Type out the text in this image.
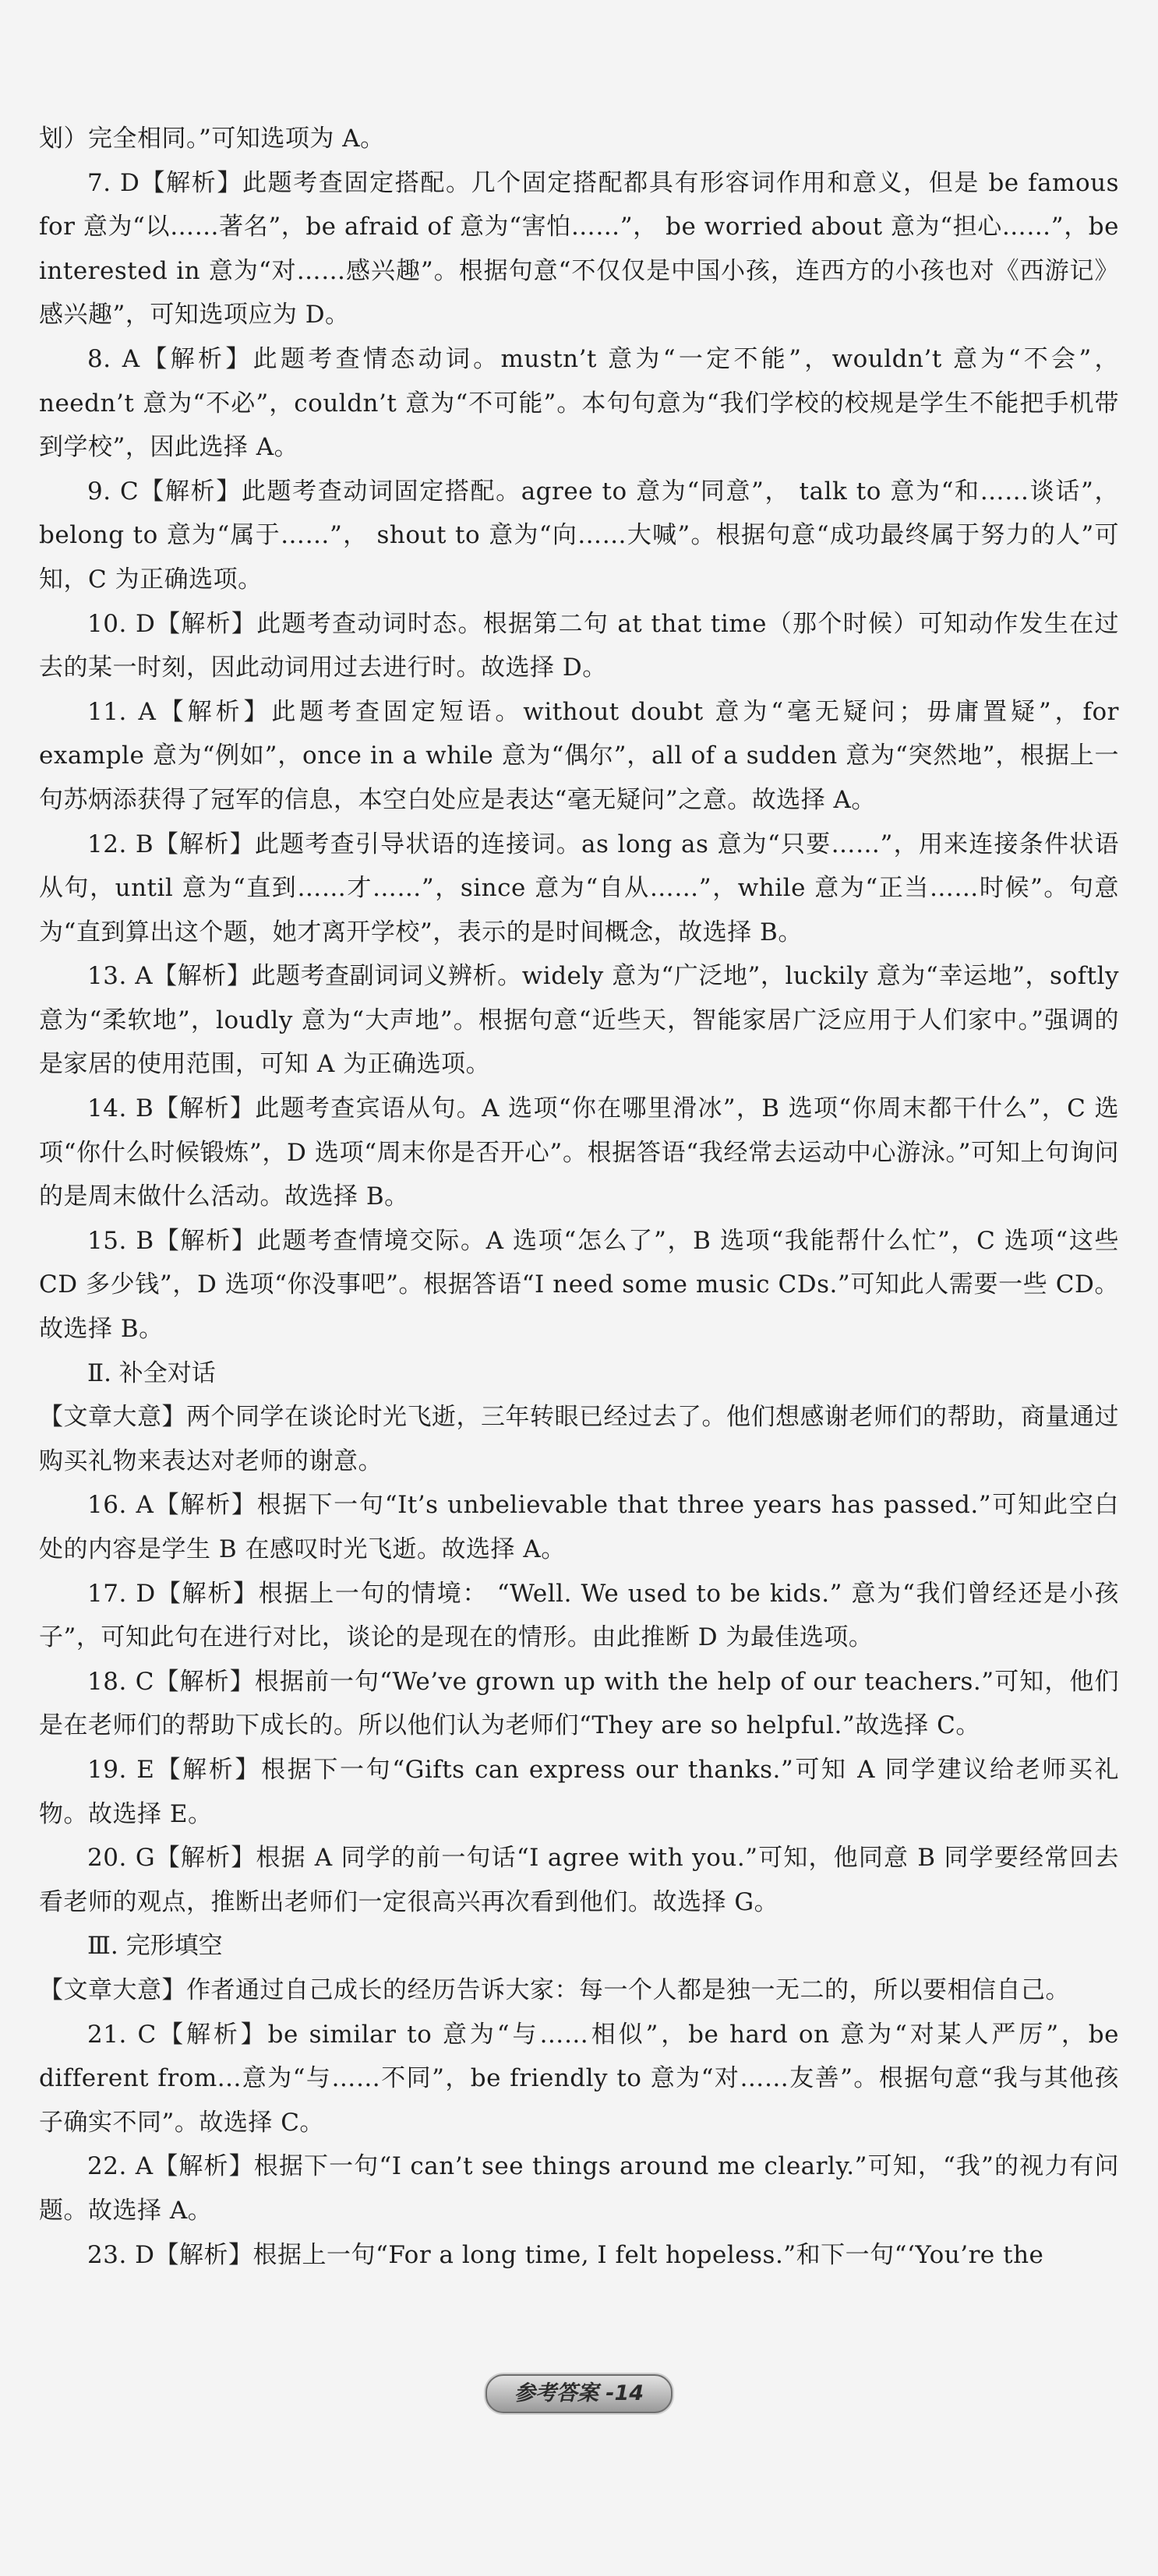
划）完全相同。”可知选项为 A。

7. D【解析】此题考查固定搭配。几个固定搭配都具有形容词作用和意义，但是 be famous for 意为“以……著名”，be afraid of 意为“害怕……”， be worried about 意为“担心……”，be interested in 意为“对……感兴趣”。根据句意“不仅仅是中国小孩，连西方的小孩也对《西游记》感兴趣”，可知选项应为 D。

8. A【解析】此题考查情态动词。mustn’t 意为“一定不能”，wouldn’t 意为“不会”，needn’t 意为“不必”，couldn’t 意为“不可能”。本句句意为“我们学校的校规是学生不能把手机带到学校”，因此选择 A。

9. C【解析】此题考查动词固定搭配。agree to 意为“同意”， talk to 意为“和……谈话”， belong to 意为“属于……”， shout to 意为“向……大喊”。根据句意“成功最终属于努力的人”可知，C 为正确选项。

10. D【解析】此题考查动词时态。根据第二句 at that time（那个时候）可知动作发生在过去的某一时刻，因此动词用过去进行时。故选择 D。

11. A【解析】此题考查固定短语。without doubt 意为“毫无疑问；毋庸置疑”，for example 意为“例如”，once in a while 意为“偶尔”，all of a sudden 意为“突然地”，根据上一句苏炳添获得了冠军的信息，本空白处应是表达“毫无疑问”之意。故选择 A。

12. B【解析】此题考查引导状语的连接词。as long as 意为“只要……”，用来连接条件状语从句，until 意为“直到……才……”，since 意为“自从……”，while 意为“正当……时候”。句意为“直到算出这个题，她才离开学校”，表示的是时间概念，故选择 B。

13. A【解析】此题考查副词词义辨析。widely 意为“广泛地”，luckily 意为“幸运地”，softly 意为“柔软地”，loudly 意为“大声地”。根据句意“近些天，智能家居广泛应用于人们家中。”强调的是家居的使用范围，可知 A 为正确选项。

14. B【解析】此题考查宾语从句。A 选项“你在哪里滑冰”，B 选项“你周末都干什么”，C 选项“你什么时候锻炼”，D 选项“周末你是否开心”。根据答语“我经常去运动中心游泳。”可知上句询问的是周末做什么活动。故选择 B。

15. B【解析】此题考查情境交际。A 选项“怎么了”，B 选项“我能帮什么忙”，C 选项“这些 CD 多少钱”，D 选项“你没事吧”。根据答语“I need some music CDs.”可知此人需要一些 CD。故选择 B。

Ⅱ. 补全对话

【文章大意】两个同学在谈论时光飞逝，三年转眼已经过去了。他们想感谢老师们的帮助，商量通过购买礼物来表达对老师的谢意。

16. A【解析】根据下一句“It’s unbelievable that three years has passed.”可知此空白处的内容是学生 B 在感叹时光飞逝。故选择 A。

17. D【解析】根据上一句的情境： “Well. We used to be kids.” 意为“我们曾经还是小孩子”，可知此句在进行对比，谈论的是现在的情形。由此推断 D 为最佳选项。

18. C【解析】根据前一句“We’ve grown up with the help of our teachers.”可知，他们是在老师们的帮助下成长的。所以他们认为老师们“They are so helpful.”故选择 C。

19. E【解析】根据下一句“Gifts can express our thanks.”可知 A 同学建议给老师买礼物。故选择 E。

20. G【解析】根据 A 同学的前一句话“I agree with you.”可知，他同意 B 同学要经常回去看老师的观点，推断出老师们一定很高兴再次看到他们。故选择 G。

Ⅲ. 完形填空

【文章大意】作者通过自己成长的经历告诉大家：每一个人都是独一无二的，所以要相信自己。

21. C【解析】be similar to 意为“与……相似”，be hard on 意为“对某人严厉”，be different from...意为“与……不同”，be friendly to 意为“对……友善”。根据句意“我与其他孩子确实不同”。故选择 C。

22. A【解析】根据下一句“I can’t see things around me clearly.”可知，“我”的视力有问题。故选择 A。

23. D【解析】根据上一句“For a long time, I felt hopeless.”和下一句“‘You’re the

参考答案 -14
